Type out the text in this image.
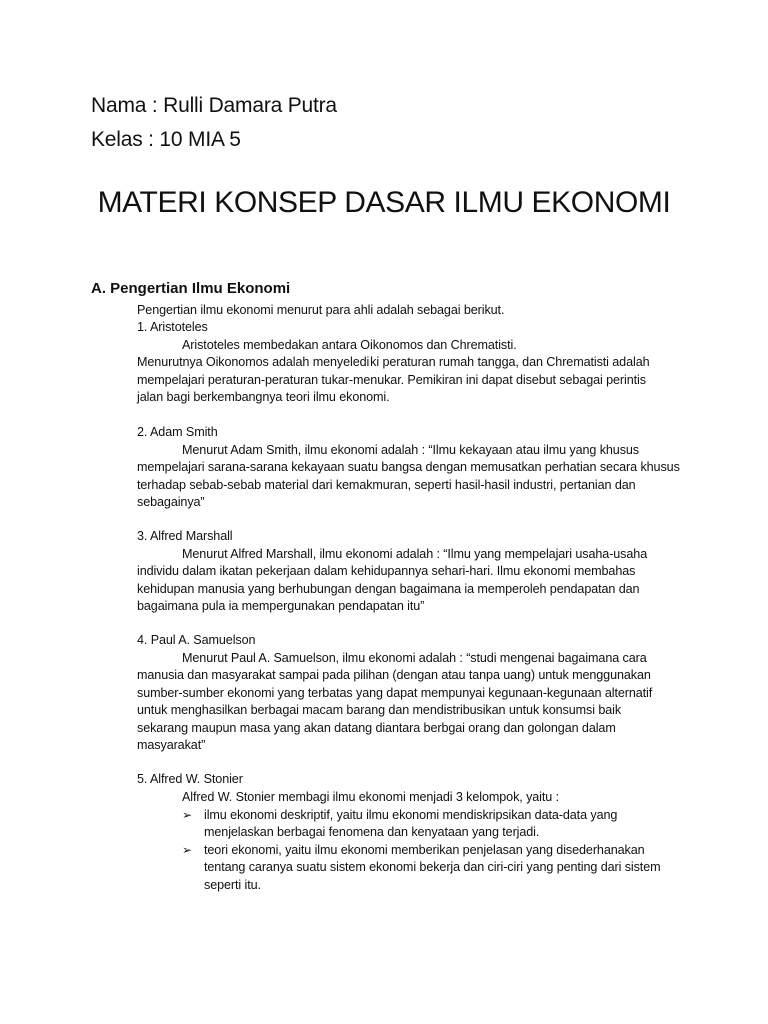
Nama : Rulli Damara Putra
Kelas : 10 MIA 5
MATERI KONSEP DASAR ILMU EKONOMI
A. Pengertian Ilmu Ekonomi
Pengertian ilmu ekonomi menurut para ahli adalah sebagai berikut.
1. Aristoteles
Aristoteles membedakan antara Oikonomos dan Chrematisti.
Menurutnya Oikonomos adalah menyeledi ki peraturan rumah tangga, dan Chrematisti adalah
mempelajari peraturan-peraturan tukar-menukar. Pemikiran ini dapat disebut sebagai perintis
jalan bagi berkembangnya teori ilmu ekonomi.
2. Adam Smith
Menurut Adam Smith, ilmu ekonomi adalah : “Ilmu kekayaan atau ilmu yang khusus
mempelajari sarana-sarana kekayaan suatu bangsa dengan memusatkan perhatian secara khusus
terhadap sebab-sebab material dari kemakmuran, seperti hasil-hasil industri, pertanian dan
sebagainya”
3. Alfred Marshall
Menurut Alfred Marshall, ilmu ekonomi adalah : “Ilmu yang mempelajari usaha-usaha
individu dalam ikatan pekerjaan dalam kehidupannya sehari-hari. Ilmu ekonomi membahas
kehidupan manusia yang berhubungan dengan bagaimana ia memperoleh pendapatan dan
bagaimana pula ia mempergunakan pendapatan itu”
4. Paul A. Samuelson
Menurut Paul A. Samuelson, ilmu ekonomi adalah : “studi mengenai bagaimana cara
manusia dan masyarakat sampai pada pilihan (dengan atau tanpa uang) untuk menggunakan
sumber-sumber ekonomi yang terbatas yang dapat mempunyai kegunaan-kegunaan alternatif
untuk menghasilkan berbagai macam barang dan mendistribusikan untuk konsumsi baik
sekarang maupun masa yang akan datang diantara berbgai orang dan golongan dalam
masyarakat”
5. Alfred W. Stonier
Alfred W. Stonier membagi ilmu ekonomi menjadi 3 kelompok, yaitu :
➢ ilmu ekonomi deskriptif, yaitu ilmu ekonomi mendiskripsikan data-data yang
menjelaskan berbagai fenomena dan kenyataan yang terjadi.
➢ teori ekonomi, yaitu ilmu ekonomi memberikan penjelasan yang disederhanakan
tentang caranya suatu sistem ekonomi bekerja dan ciri-ciri yang penting dari sistem
seperti itu.
